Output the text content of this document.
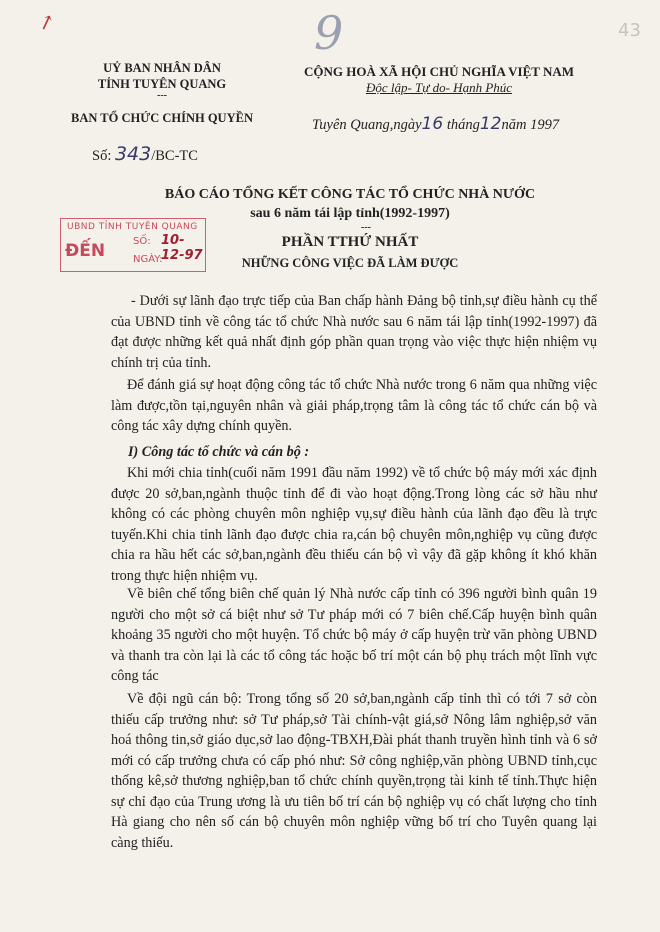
↗	9	43
UỶ BAN NHÂN DÂN
TỈNH TUYÊN QUANG
---
BAN TỔ CHỨC CHÍNH QUYỀN
CỘNG HOÀ XÃ HỘI CHỦ NGHĨA VIỆT NAM
Độc lập- Tự do- Hạnh Phúc
Tuyên Quang,ngày16 tháng12năm 1997
Số: 343/BC-TC
BÁO CÁO TỔNG KẾT CÔNG TÁC TỔ CHỨC NHÀ NƯỚC
sau 6 năm tái lập tỉnh(1992-1997)
---
PHẦN TTHỨ NHẤT
NHỮNG CÔNG VIỆC ĐÃ LÀM ĐƯỢC
UBND TỈNH TUYÊN QUANG
ĐẾN	SỐ:
NGÀY:
10-12-97

- Dưới sự lãnh đạo trực tiếp của Ban chấp hành Đảng bộ tỉnh,sự điều hành cụ thể của UBND tỉnh về công tác tổ chức Nhà nước sau 6 năm tái lập tỉnh(1992-1997) đã đạt được những kết quả nhất định góp phần quan trọng vào việc thực hiện nhiệm vụ chính trị của tỉnh.

Để đánh giá sự hoạt động công tác tổ chức Nhà nước trong 6 năm qua những việc làm được,tồn tại,nguyên nhân và giải pháp,trọng tâm là công tác tổ chức cán bộ và công tác xây dựng chính quyền.

I) Công tác tổ chức và cán bộ :

Khi mới chia tỉnh(cuối năm 1991 đầu năm 1992) về tổ chức bộ máy mới xác định được 20 sở,ban,ngành thuộc tỉnh để đi vào hoạt động.Trong lòng các sở hầu như không có các phòng chuyên môn nghiệp vụ,sự điều hành của lãnh đạo đều là trực tuyến.Khi chia tỉnh lãnh đạo được chia ra,cán bộ chuyên môn,nghiệp vụ cũng được chia ra hầu hết các sở,ban,ngành đều thiếu cán bộ vì vậy đã gặp không ít khó khăn trong thực hiện nhiệm vụ.

Về biên chế tổng biên chế quản lý Nhà nước cấp tỉnh có 396 người bình quân 19 người cho một sở cá biệt như sở Tư pháp mới có 7 biên chế.Cấp huyện bình quân khoảng 35 người cho một huyện. Tổ chức bộ máy ở cấp huyện trừ văn phòng UBND và thanh tra còn lại là các tổ công tác hoặc bố trí một cán bộ phụ trách một lĩnh vực công tác

Về đội ngũ cán bộ: Trong tổng số 20 sở,ban,ngành cấp tỉnh thì có tới 7 sở còn thiếu cấp trưởng như: sở Tư pháp,sở Tài chính-vật giá,sở Nông lâm nghiệp,sở văn hoá thông tin,sở giáo dục,sở lao động-TBXH,Đài phát thanh truyền hình tỉnh và 6 sở mới có cấp trưởng chưa có cấp phó như: Sở công nghiệp,văn phòng UBND tỉnh,cục thống kê,sở thương nghiệp,ban tổ chức chính quyền,trọng tài kinh tế tỉnh.Thực hiện sự chỉ đạo của Trung ương là ưu tiên bố trí cán bộ nghiệp vụ có chất lượng cho tỉnh Hà giang cho nên số cán bộ chuyên môn nghiệp vững bố trí cho Tuyên quang lại càng thiếu.
